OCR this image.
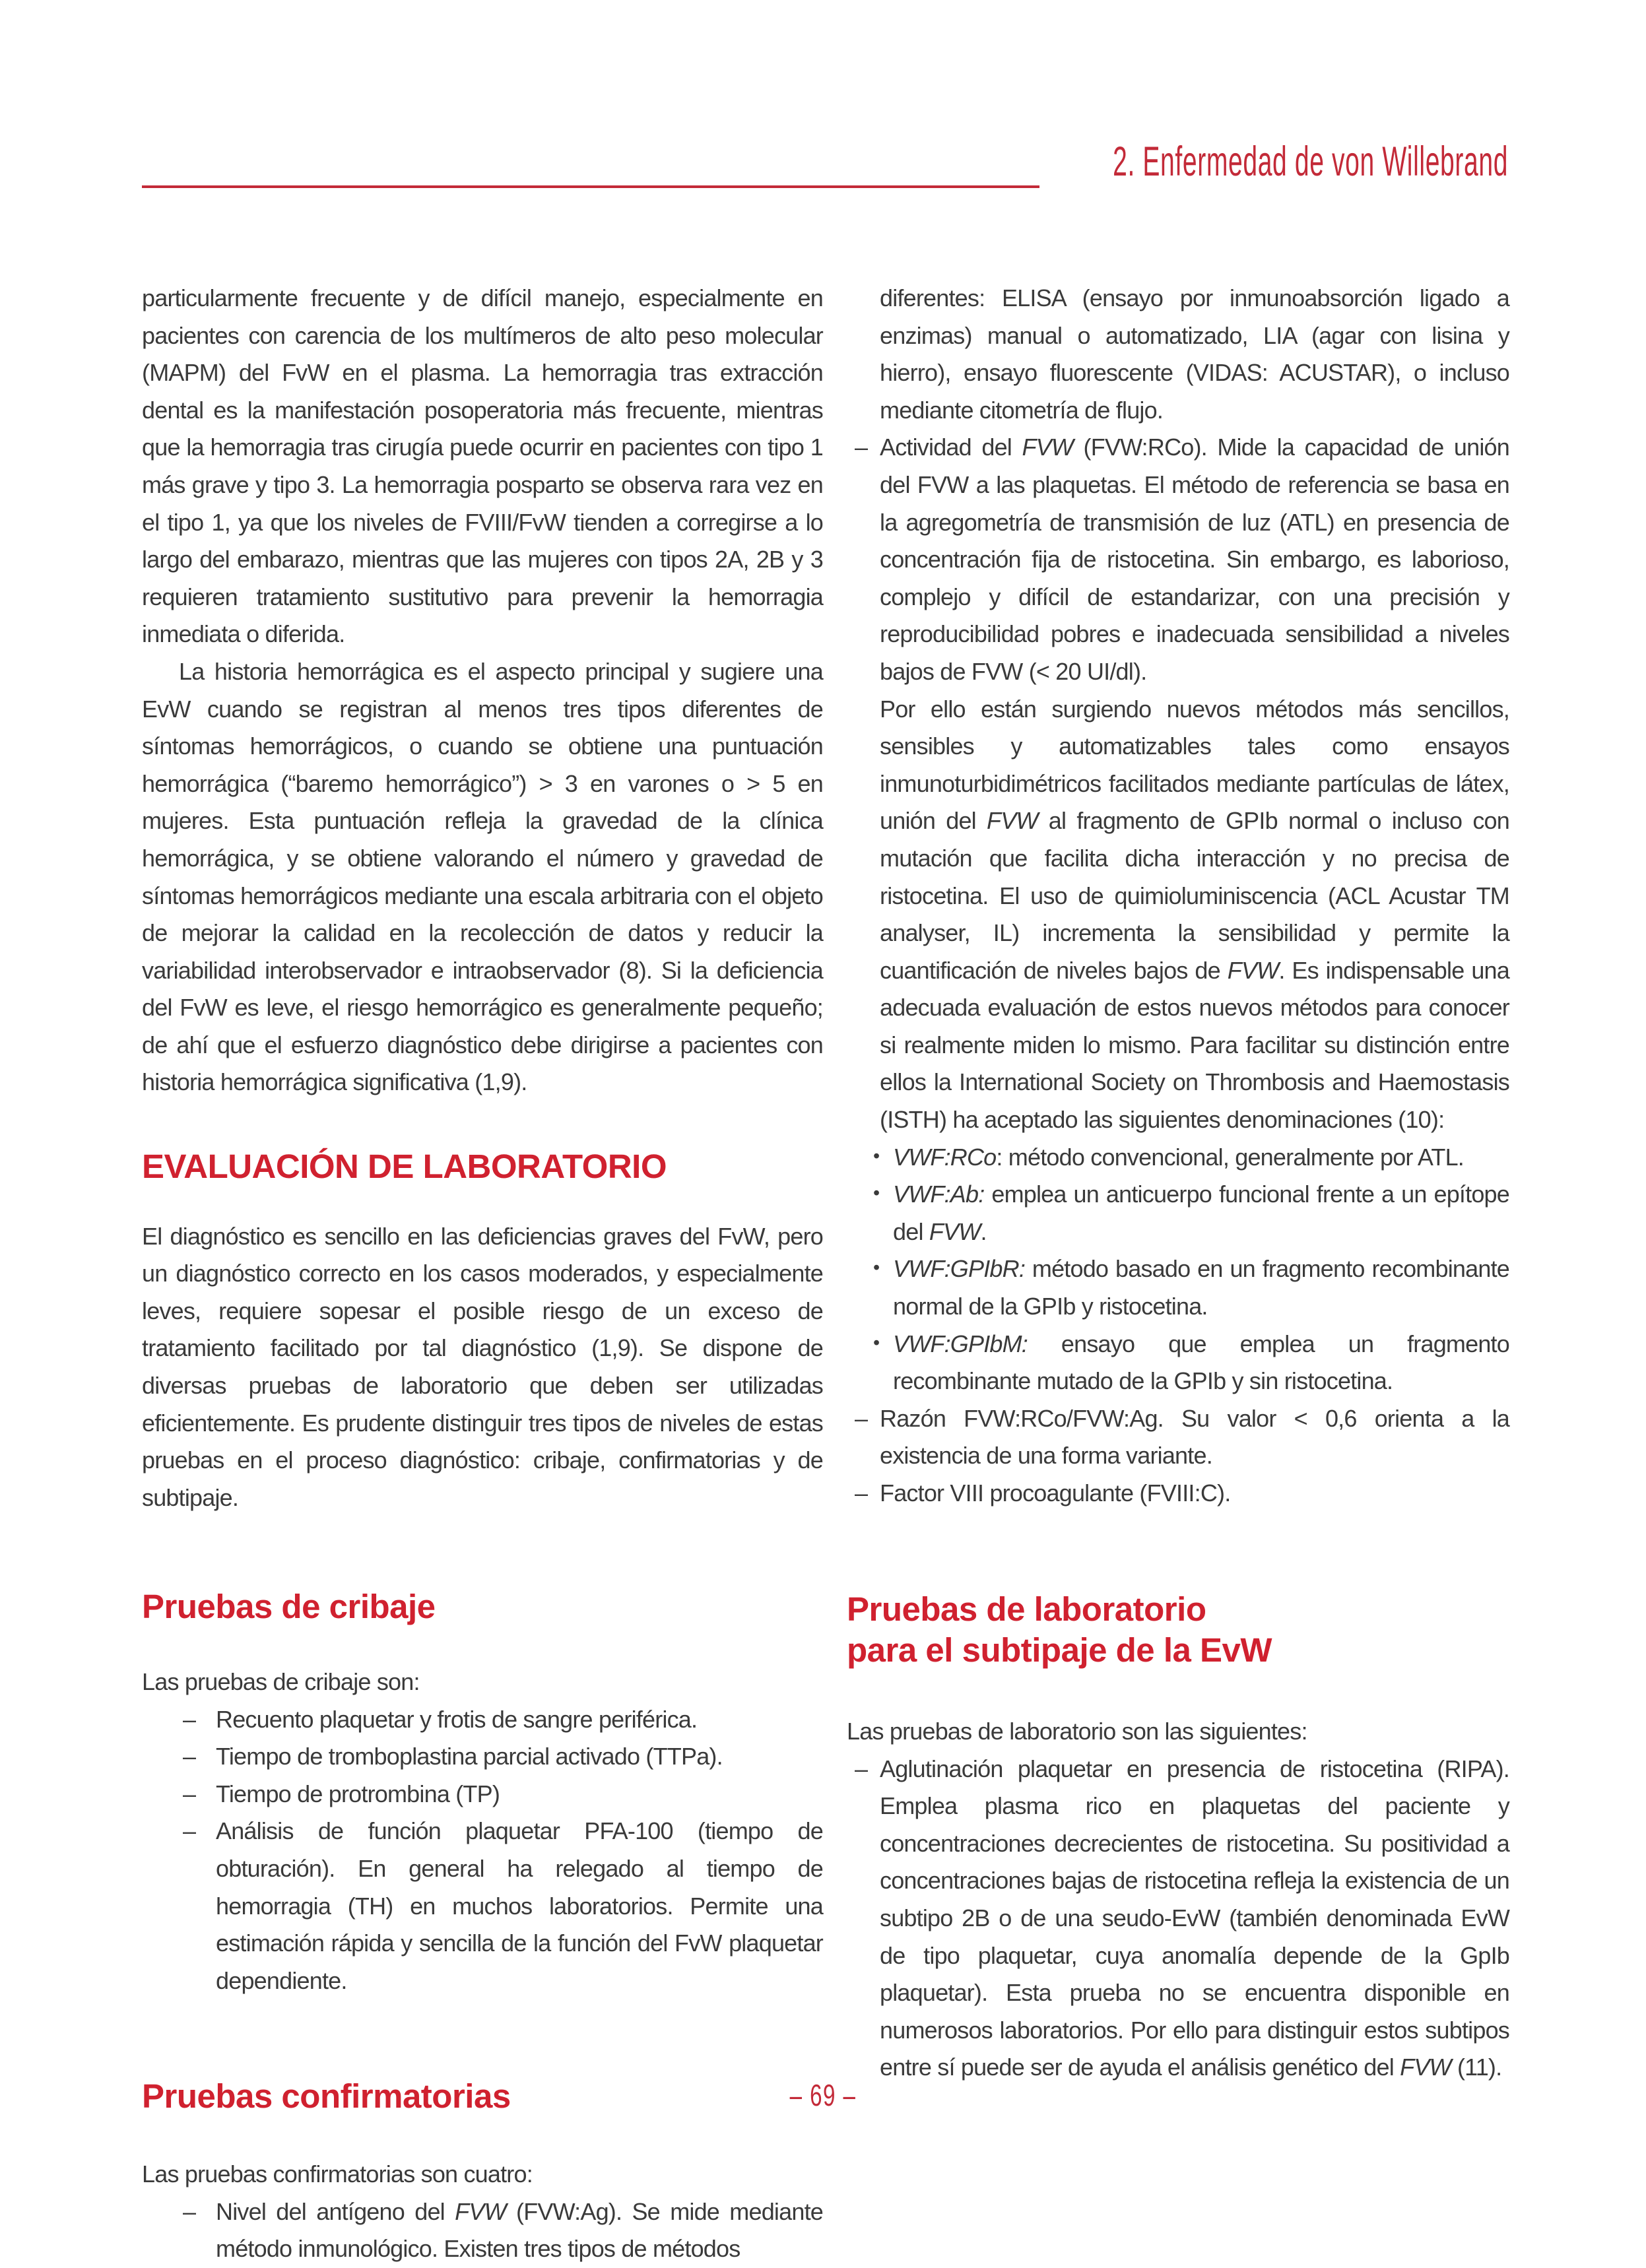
2. Enfermedad de von Willebrand

particularmente frecuente y de difícil manejo, especialmente en pacientes con carencia de los multímeros de alto peso molecular (MAPM) del FvW en el plasma. La hemorragia tras extracción dental es la manifestación posoperatoria más frecuente, mientras que la hemorragia tras cirugía puede ocurrir en pacientes con tipo 1 más grave y tipo 3. La hemorragia posparto se observa rara vez en el tipo 1, ya que los niveles de FVIII/FvW tienden a corregirse a lo largo del embarazo, mientras que las mujeres con tipos 2A, 2B y 3 requieren tratamiento sustitutivo para prevenir la hemorragia inmediata o diferida.

La historia hemorrágica es el aspecto principal y sugiere una EvW cuando se registran al menos tres tipos diferentes de síntomas hemorrágicos, o cuando se obtiene una puntuación hemorrágica (“baremo hemorrágico”) > 3 en varones o > 5 en mujeres. Esta puntuación refleja la gravedad de la clínica hemorrágica, y se obtiene valorando el número y gravedad de síntomas hemorrágicos mediante una escala arbitraria con el objeto de mejorar la calidad en la recolección de datos y reducir la variabilidad interobservador e intraobservador (8). Si la deficiencia del FvW es leve, el riesgo hemorrágico es generalmente pequeño; de ahí que el esfuerzo diagnóstico debe dirigirse a pacientes con historia hemorrágica significativa (1,9).

EVALUACIÓN DE LABORATORIO

El diagnóstico es sencillo en las deficiencias graves del FvW, pero un diagnóstico correcto en los casos moderados, y especialmente leves, requiere sopesar el posible riesgo de un exceso de tratamiento facilitado por tal diagnóstico (1,9). Se dispone de diversas pruebas de laboratorio que deben ser utilizadas eficientemente. Es prudente distinguir tres tipos de niveles de estas pruebas en el proceso diagnóstico: cribaje, confirmatorias y de subtipaje.

Pruebas de cribaje

Las pruebas de cribaje son:

– Recuento plaquetar y frotis de sangre periférica.
– Tiempo de tromboplastina parcial activado (TTPa).
– Tiempo de protrombina (TP)
– Análisis de función plaquetar PFA-100 (tiempo de obturación). En general ha relegado al tiempo de hemorragia (TH) en muchos laboratorios. Permite una estimación rápida y sencilla de la función del FvW plaquetar dependiente.
Pruebas confirmatorias

Las pruebas confirmatorias son cuatro:

– Nivel del antígeno del FVW (FVW:Ag). Se mide mediante método inmunológico. Existen tres tipos de métodos

diferentes: ELISA (ensayo por inmunoabsorción ligado a enzimas) manual o automatizado, LIA (agar con lisina y hierro), ensayo fluorescente (VIDAS: ACUSTAR), o incluso mediante citometría de flujo.

– Actividad del FVW (FVW:RCo). Mide la capacidad de unión del FVW a las plaquetas. El método de referencia se basa en la agregometría de transmisión de luz (ATL) en presencia de concentración fija de ristocetina. Sin embargo, es laborioso, complejo y difícil de estandarizar, con una precisión y reproducibilidad pobres e inadecuada sensibilidad a niveles bajos de FVW (< 20 UI/dl).
Por ello están surgiendo nuevos métodos más sencillos, sensibles y automatizables tales como ensayos inmunoturbidimétricos facilitados mediante partículas de látex, unión del FVW al fragmento de GPIb normal o incluso con mutación que facilita dicha interacción y no precisa de ristocetina. El uso de quimioluminiscencia (ACL Acustar TM analyser, IL) incrementa la sensibilidad y permite la cuantificación de niveles bajos de FVW. Es indispensable una adecuada evaluación de estos nuevos métodos para conocer si realmente miden lo mismo. Para facilitar su distinción entre ellos la International Society on Thrombosis and Haemostasis (ISTH) ha aceptado las siguientes denominaciones (10):
• VWF:RCo: método convencional, generalmente por ATL.
• VWF:Ab: emplea un anticuerpo funcional frente a un epítope del FVW.
• VWF:GPIbR: método basado en un fragmento recombinante normal de la GPIb y ristocetina.
• VWF:GPIbM: ensayo que emplea un fragmento recombinante mutado de la GPIb y sin ristocetina.
– Razón FVW:RCo/FVW:Ag. Su valor < 0,6 orienta a la existencia de una forma variante.
– Factor VIII procoagulante (FVIII:C).
Pruebas de laboratorio
para el subtipaje de la EvW

Las pruebas de laboratorio son las siguientes:

– Aglutinación plaquetar en presencia de ristocetina (RIPA). Emplea plasma rico en plaquetas del paciente y concentraciones decrecientes de ristocetina. Su positividad a concentraciones bajas de ristocetina refleja la existencia de un subtipo 2B o de una seudo-EvW (también denominada EvW de tipo plaquetar, cuya anomalía depende de la GpIb plaquetar). Esta prueba no se encuentra disponible en numerosos laboratorios. Por ello para distinguir estos subtipos entre sí puede ser de ayuda el análisis genético del FVW (11).

– 69 –
